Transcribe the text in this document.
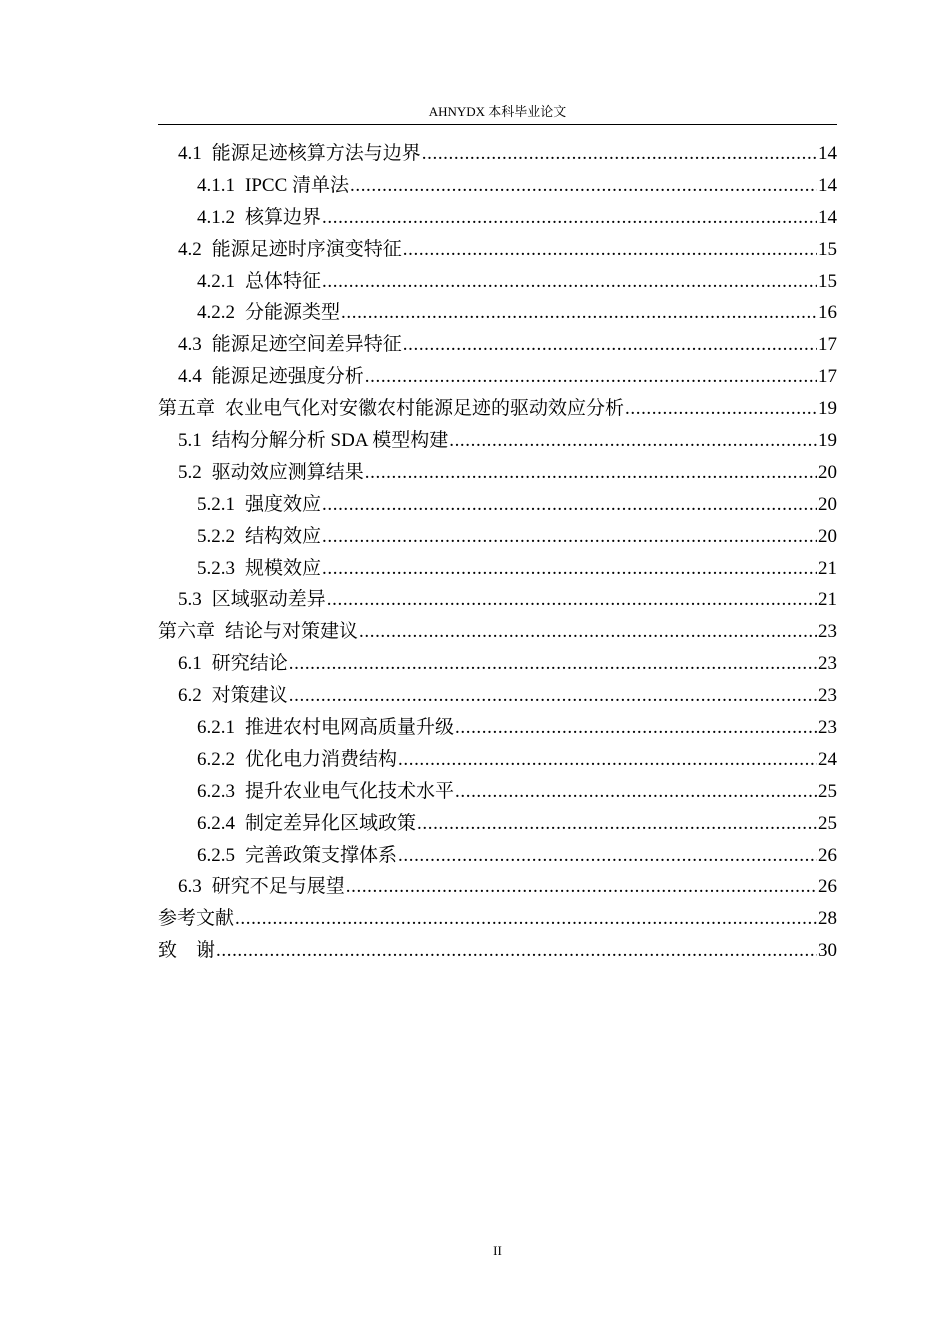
AHNYDX 本科毕业论文
4.1 能源足迹核算方法与边界 .....	14
4.1.1 IPCC 清单法 .....	14
4.1.2 核算边界 .....	14
4.2 能源足迹时序演变特征 .....	15
4.2.1 总体特征 .....	15
4.2.2 分能源类型 .....	16
4.3 能源足迹空间差异特征 .....	17
4.4 能源足迹强度分析 .....	17
第五章 农业电气化对安徽农村能源足迹的驱动效应分析 .....	19
5.1 结构分解分析 SDA 模型构建 .....	19
5.2 驱动效应测算结果 .....	20
5.2.1 强度效应 .....	20
5.2.2 结构效应 .....	20
5.2.3 规模效应 .....	21
5.3 区域驱动差异 .....	21
第六章 结论与对策建议 .....	23
6.1 研究结论 .....	23
6.2 对策建议 .....	23
6.2.1 推进农村电网高质量升级 .....	23
6.2.2 优化电力消费结构 .....	24
6.2.3 提升农业电气化技术水平 .....	25
6.2.4 制定差异化区域政策 .....	25
6.2.5 完善政策支撑体系 .....	26
6.3 研究不足与展望 .....	26
参考文献 .....	28
致　谢 .....	30
II
